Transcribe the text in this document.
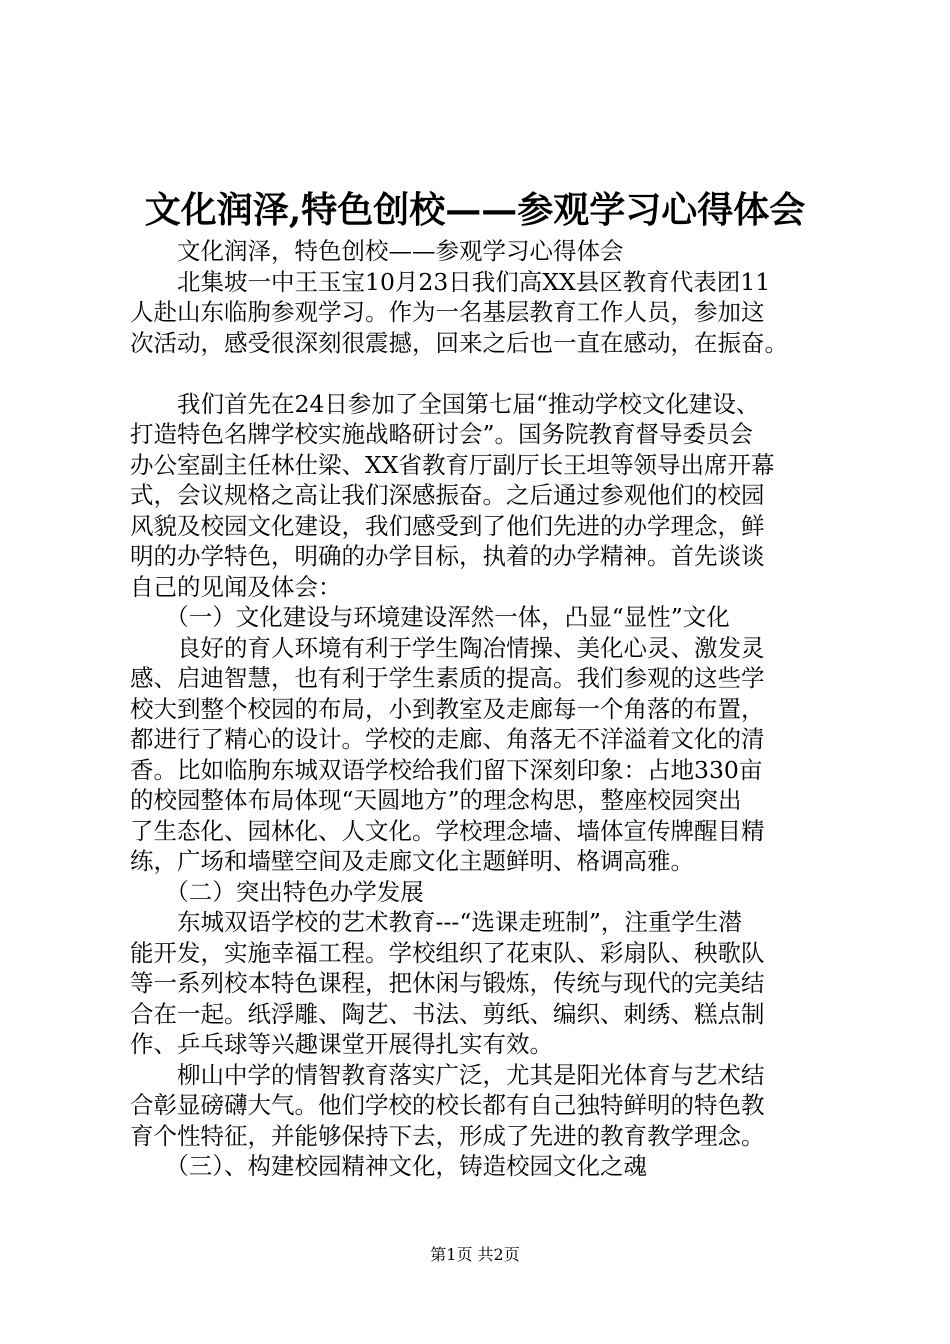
文化润泽,特色创校——参观学习心得体会
　　文化润泽，特色创校——参观学习心得体会
　　北集坡一中王玉宝10月23日我们高XX县区教育代表团11
人赴山东临朐参观学习。作为一名基层教育工作人员，参加这
次活动，感受很深刻很震撼，回来之后也一直在感动，在振奋。
　　我们首先在24日参加了全国第七届“推动学校文化建设、
打造特色名牌学校实施战略研讨会”。国务院教育督导委员会
办公室副主任林仕梁、XX省教育厅副厅长王坦等领导出席开幕
式，会议规格之高让我们深感振奋。之后通过参观他们的校园
风貌及校园文化建设，我们感受到了他们先进的办学理念，鲜
明的办学特色，明确的办学目标，执着的办学精神。首先谈谈
自己的见闻及体会：
　　（一）文化建设与环境建设浑然一体，凸显“显性”文化
　　良好的育人环境有利于学生陶冶情操、美化心灵、激发灵
感、启迪智慧，也有利于学生素质的提高。我们参观的这些学
校大到整个校园的布局，小到教室及走廊每一个角落的布置，
都进行了精心的设计。学校的走廊、角落无不洋溢着文化的清
香。比如临朐东城双语学校给我们留下深刻印象：占地330亩
的校园整体布局体现“天圆地方”的理念构思，整座校园突出
了生态化、园林化、人文化。学校理念墙、墙体宣传牌醒目精
练，广场和墙壁空间及走廊文化主题鲜明、格调高雅。
　　（二）突出特色办学发展
　　东城双语学校的艺术教育---“选课走班制”，注重学生潜
能开发，实施幸福工程。学校组织了花束队、彩扇队、秧歌队
等一系列校本特色课程，把休闲与锻炼，传统与现代的完美结
合在一起。纸浮雕、陶艺、书法、剪纸、编织、刺绣、糕点制
作、乒乓球等兴趣课堂开展得扎实有效。
　　柳山中学的情智教育落实广泛，尤其是阳光体育与艺术结
合彰显磅礴大气。他们学校的校长都有自己独特鲜明的特色教
育个性特征，并能够保持下去，形成了先进的教育教学理念。
　　（三）、构建校园精神文化，铸造校园文化之魂
第1页 共2页
